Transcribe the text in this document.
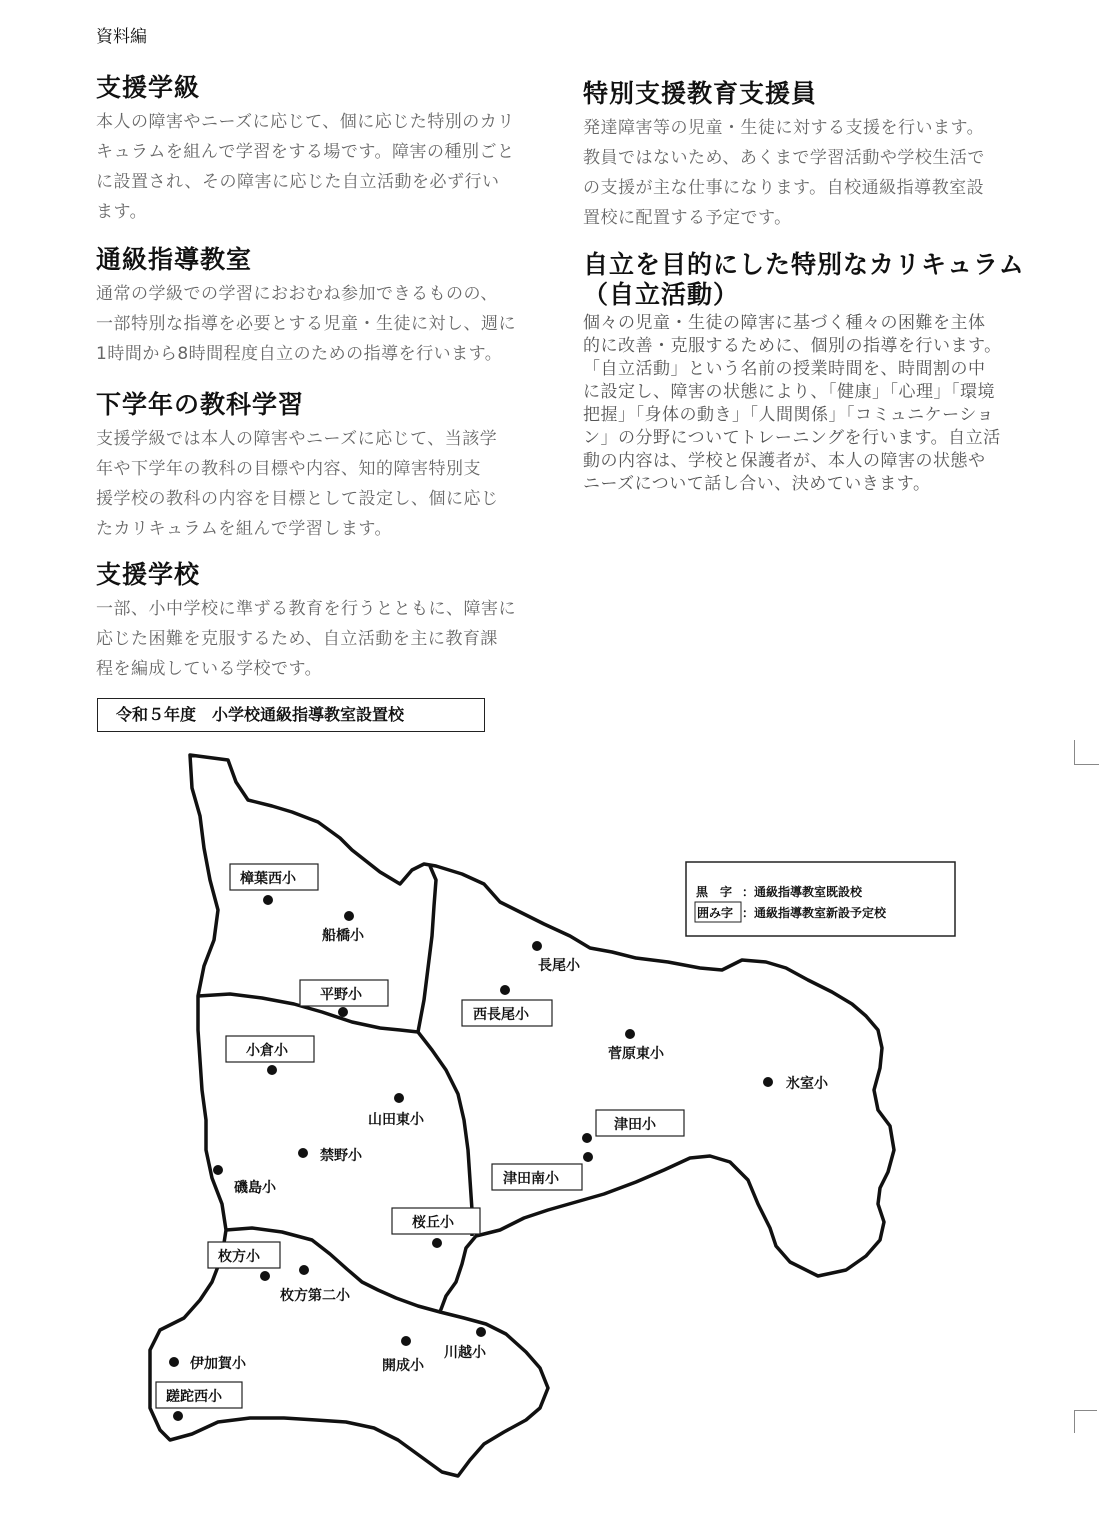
資料編
支援学級

本人の障害やニーズに応じて、個に応じた特別のカリ
キュラムを組んで学習をする場です。障害の種別ごと
に設置され、その障害に応じた自立活動を必ず行い
ます。

通級指導教室

通常の学級での学習におおむね参加できるものの、
一部特別な指導を必要とする児童・生徒に対し、週に
1時間から8時間程度自立のための指導を行います。

下学年の教科学習

支援学級では本人の障害やニーズに応じて、当該学
年や下学年の教科の目標や内容、知的障害特別支
援学校の教科の内容を目標として設定し、個に応じ
たカリキュラムを組んで学習します。

支援学校

一部、小中学校に準ずる教育を行うとともに、障害に
応じた困難を克服するため、自立活動を主に教育課
程を編成している学校です。

特別支援教育支援員

発達障害等の児童・生徒に対する支援を行います。
教員ではないため、あくまで学習活動や学校生活で
の支援が主な仕事になります。自校通級指導教室設
置校に配置する予定です。

自立を目的にした特別なカリキュラム
（自立活動）

個々の児童・生徒の障害に基づく種々の困難を主体
的に改善・克服するために、個別の指導を行います。
「自立活動」という名前の授業時間を、時間割の中
に設定し、障害の状態により、「健康」「心理」「環境
把握」「身体の動き」「人間関係」「コミュニケーショ
ン」の分野についてトレーニングを行います。自立活
動の内容は、学校と保護者が、本人の障害の状態や
ニーズについて話し合い、決めていきます。

令和５年度　小学校通級指導教室設置校
黒　字 ：通級指導教室既設校
囲み字 ：通級指導教室新設予定校
樟葉西小
船橋小
平野小
長尾小
西長尾小
小倉小	菅原東小
氷室小
山田東小	津田小
禁野小
磯島小
津田南小
桜丘小
枚方小
枚方第二小
川越小
伊加賀小	開成小
蹉跎西小
